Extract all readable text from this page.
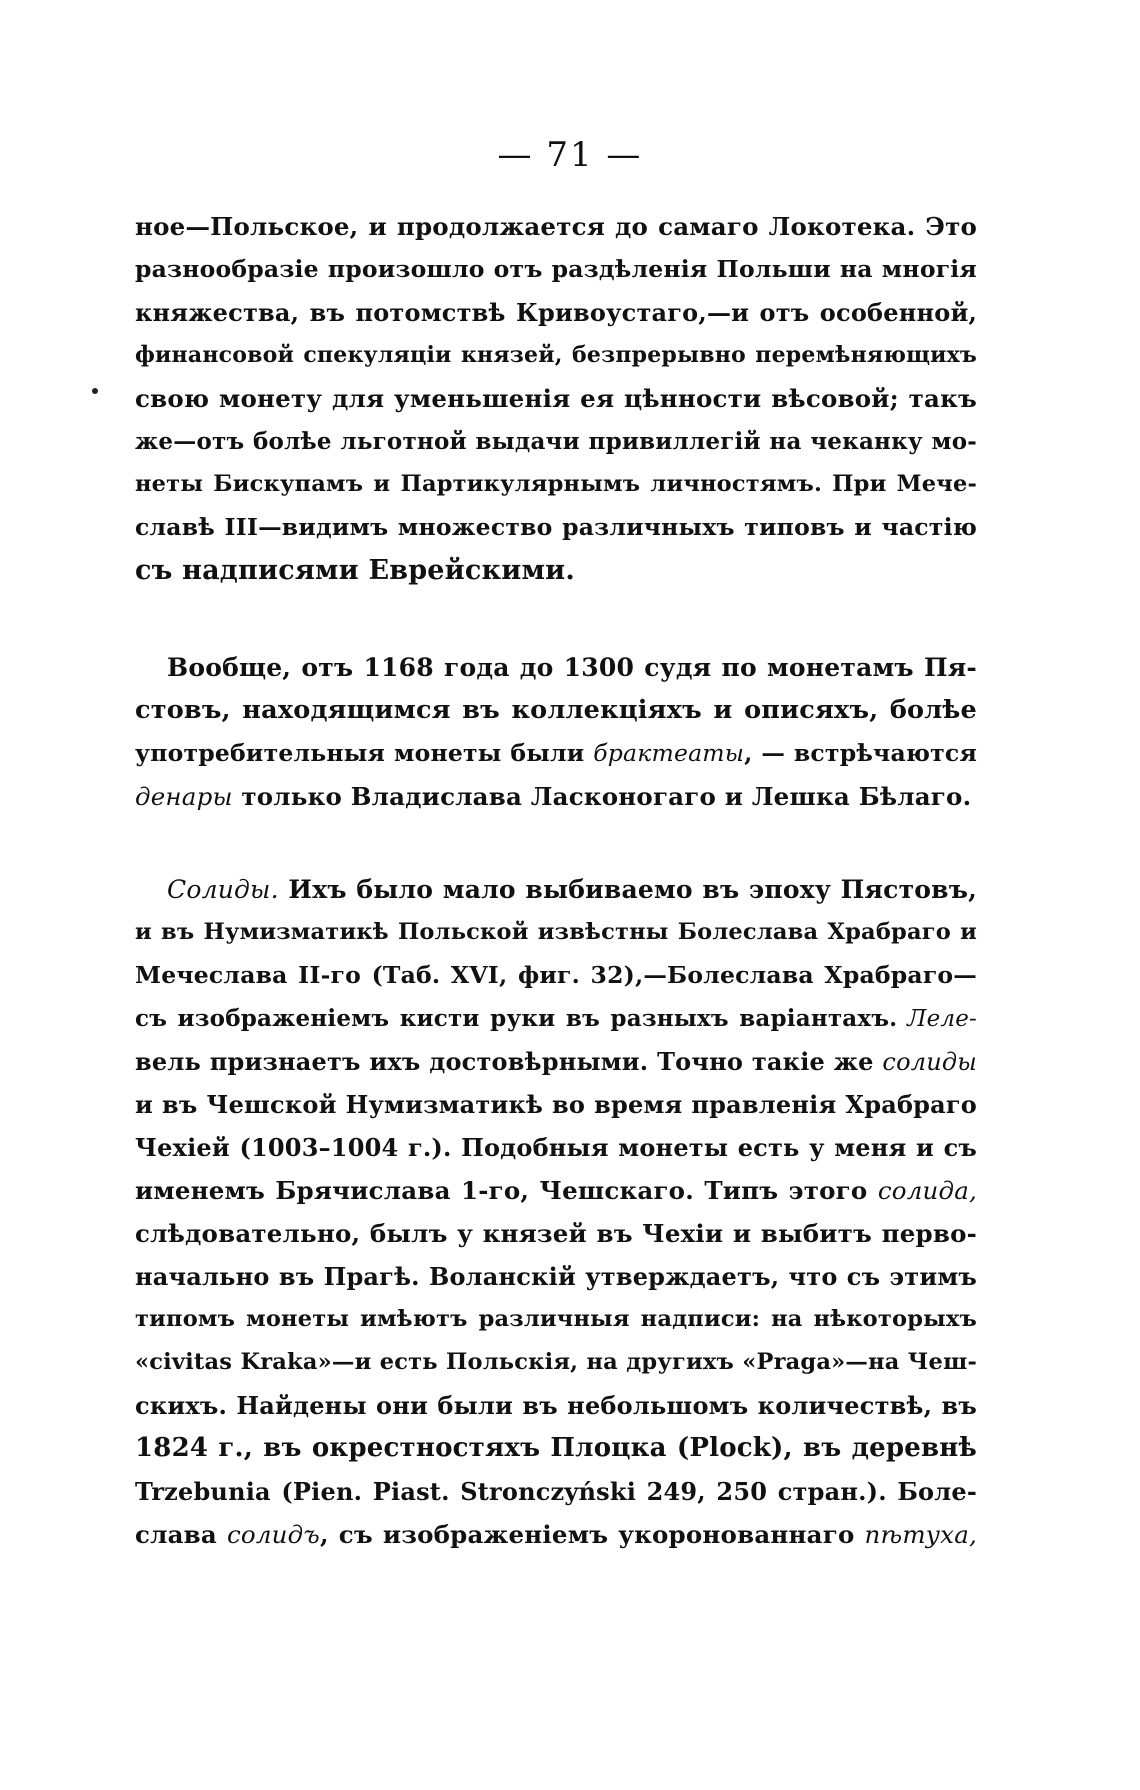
— 71 —
ное—Польское, и продолжается до самаго Локотека. Это
разнообразіе произошло отъ раздѣленія Польши на многія
княжества, въ потомствѣ Кривоустаго,—и отъ особенной,
финансовой спекуляціи князей, безпрерывно перемѣняющихъ
свою монету для уменьшенія ея цѣнности вѣсовой; такъ
же—отъ болѣе льготной выдачи привиллегій на чеканку мо-
неты Бискупамъ и Партикулярнымъ личностямъ. При Мече-
славѣ III—видимъ множество различныхъ типовъ и частію
съ надписями Еврейскими.
Вообще, отъ 1168 года до 1300 судя по монетамъ Пя-
стовъ, находящимся въ коллекціяхъ и описяхъ, болѣе
употребительныя монеты были брактеаты, — встрѣчаются
денары только Владислава Ласконогаго и Лешка Бѣлаго.
Солиды. Ихъ было мало выбиваемо въ эпоху Пястовъ,
и въ Нумизматикѣ Польской извѣстны Болеслава Храбраго и
Мечеслава II-го (Таб. XVI, фиг. 32),—Болеслава Храбраго—
съ изображеніемъ кисти руки въ разныхъ варіантахъ. Леле-
вель признаетъ ихъ достовѣрными. Точно такіе же солиды
и въ Чешской Нумизматикѣ во время правленія Храбраго
Чехіей (1003–1004 г.). Подобныя монеты есть у меня и съ
именемъ Брячислава 1-го, Чешскаго. Типъ этого солида,
слѣдовательно, былъ у князей въ Чехіи и выбитъ перво-
начально въ Прагѣ. Воланскій утверждаетъ, что съ этимъ
типомъ монеты имѣютъ различныя надписи: на нѣкоторыхъ
«civitas Kraka»—и есть Польскія, на другихъ «Praga»—на Чеш-
скихъ. Найдены они были въ небольшомъ количествѣ, въ
1824 г., въ окрестностяхъ Плоцка (Plock), въ деревнѣ
Trzebunia (Pien. Piast. Stronczyński 249, 250 стран.). Боле-
слава солидъ, съ изображеніемъ укоронованнаго пѣтуха,
